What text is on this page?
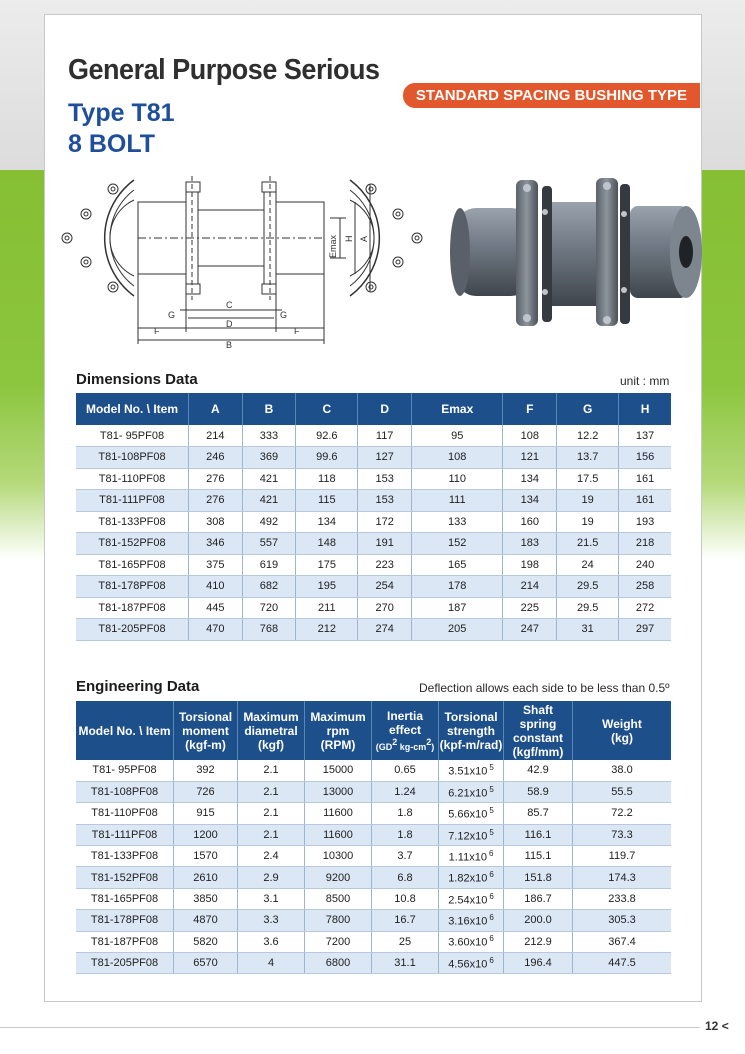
General Purpose Serious
Type T81
8 BOLT
STANDARD SPACING BUSHING TYPE
G
C
G
F
D
F
B
Emax H A
Dimensions Data	unit : mm
Model No. \ Item	A	B	C	D	Emax	F	G	H
T81- 95PF08	214	333	92.6	117	95	108	12.2	137
T81-108PF08	246	369	99.6	127	108	121	13.7	156
T81-110PF08	276	421	118	153	110	134	17.5	161
T81-111PF08	276	421	115	153	111	134	19	161
T81-133PF08	308	492	134	172	133	160	19	193
T81-152PF08	346	557	148	191	152	183	21.5	218
T81-165PF08	375	619	175	223	165	198	24	240
T81-178PF08	410	682	195	254	178	214	29.5	258
T81-187PF08	445	720	211	270	187	225	29.5	272
T81-205PF08	470	768	212	274	205	247	31	297
Engineering Data	Deflection allows each side to be less than 0.5º
Model No. \ Item	Torsional
moment
(kgf-m)	Maximum
diametral
(kgf)	Maximum
rpm
(RPM)	Inertia
effect
($GD^2$ $kg-cm^2$)	Torsional
strength
(kpf-m/rad)	Shaft spring
constant
(kgf/mm)	Weight
(kg)
T81- 95PF08	392	2.1	15000	0.65	3.51x10 $^5$	42.9	38.0
T81-108PF08	726	2.1	13000	1.24	6.21x10 $^5$	58.9	55.5
T81-110PF08	915	2.1	11600	1.8	5.66x10 $^5$	85.7	72.2
T81-111PF08	1200	2.1	11600	1.8	7.12x10 $^5$	116.1	73.3
T81-133PF08	1570	2.4	10300	3.7	1.11x10 $^6$	115.1	119.7
T81-152PF08	2610	2.9	9200	6.8	1.82x10 $^6$	151.8	174.3
T81-165PF08	3850	3.1	8500	10.8	2.54x10 $^6$	186.7	233.8
T81-178PF08	4870	3.3	7800	16.7	3.16x10 $^6$	200.0	305.3
T81-187PF08	5820	3.6	7200	25	3.60x10 $^6$	212.9	367.4
T81-205PF08	6570	4	6800	31.1	4.56x10 $^6$	196.4	447.5
12 <
